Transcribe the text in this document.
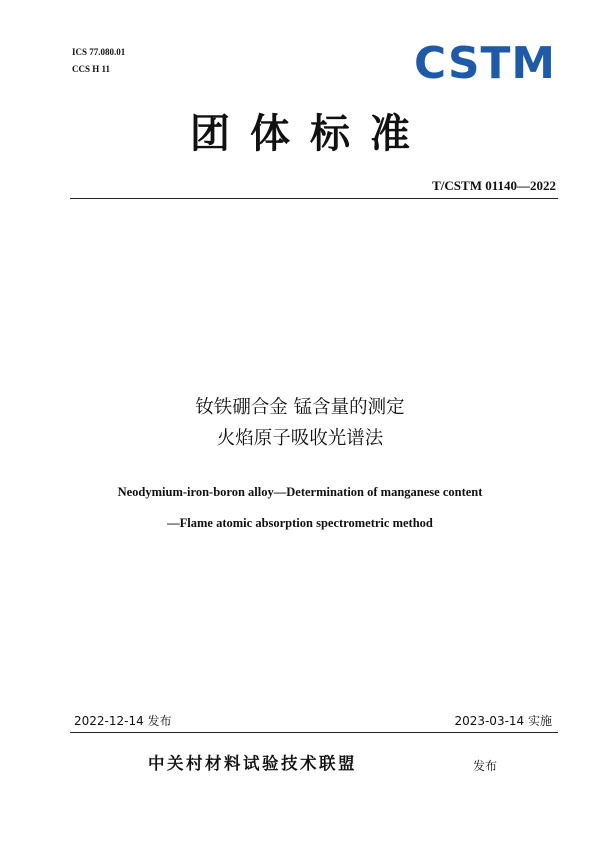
ICS 77.080.01
CCS H 11	CSTM
团体标准
T/CSTM 01140—2022
钕铁硼合金 锰含量的测定
火焰原子吸收光谱法
Neodymium-iron-boron alloy—Determination of manganese content
—Flame atomic absorption spectrometric method
2022-12-14 发布	2023-03-14 实施
中关村材料试验技术联盟	发布
